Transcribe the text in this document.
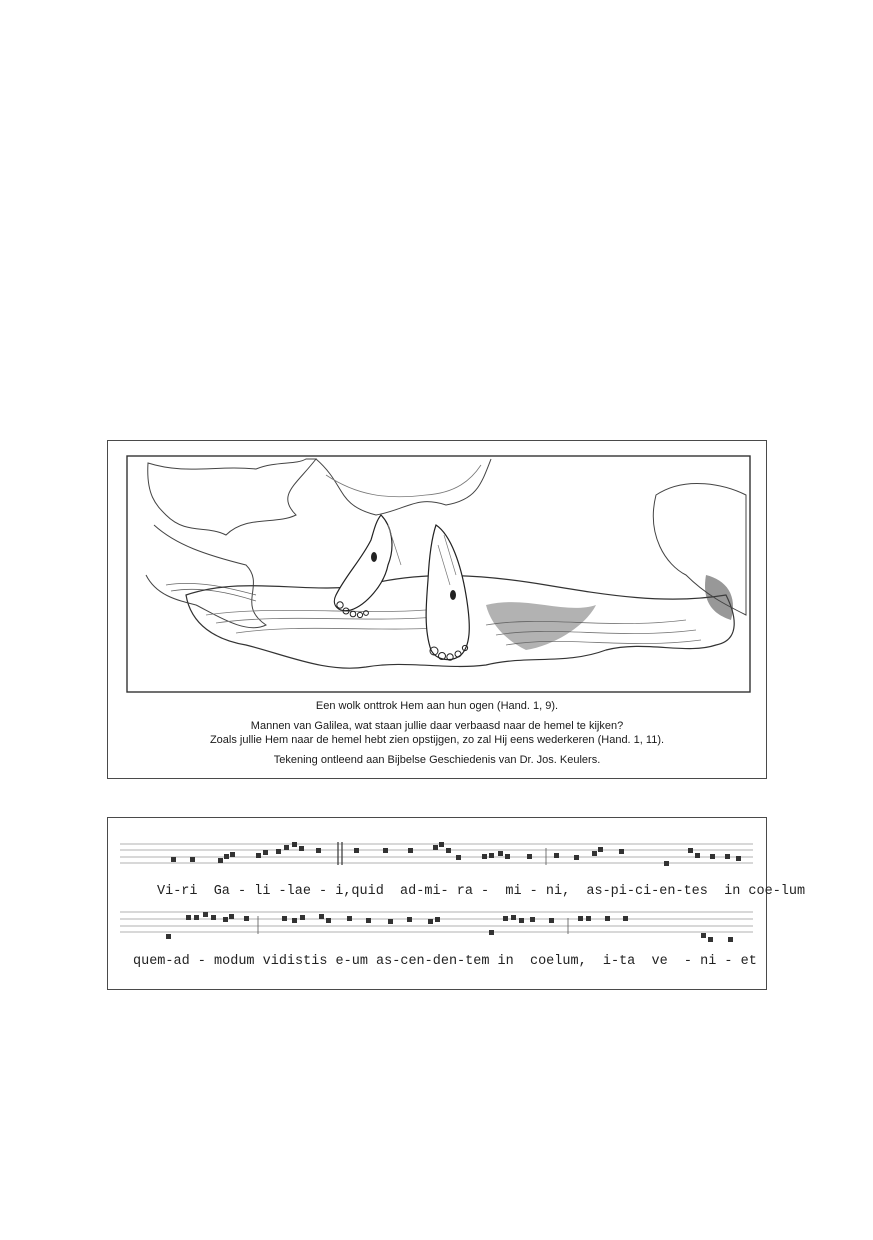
Een wolk onttrok Hem aan hun ogen (Hand. 1, 9).
Mannen van Galilea, wat staan jullie daar verbaasd naar de hemel te kijken?
Zoals jullie Hem naar de hemel hebt zien opstijgen, zo zal Hij eens wederkeren (Hand. 1, 11).
Tekening ontleend aan Bijbelse Geschiedenis van Dr. Jos. Keulers.
Vi-ri  Ga - li -lae - i,quid  ad-mi- ra -  mi - ni,  as-pi-ci-en-tes  in coe-lum
quem-ad - modum vidistis e-um as-cen-den-tem in  coelum,  i-ta  ve  - ni - et
